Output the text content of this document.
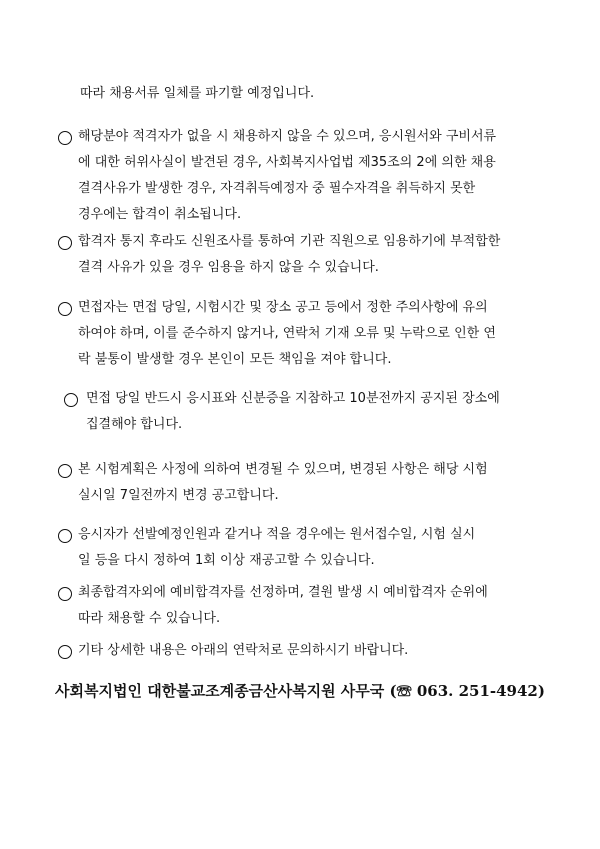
따라 채용서류 일체를 파기할 예정입니다.
해당분야 적격자가 없을 시 채용하지 않을 수 있으며, 응시원서와 구비서류
에 대한 허위사실이 발견된 경우, 사회복지사업법 제35조의 2에 의한 채용
결격사유가 발생한 경우, 자격취득예정자 중 필수자격을 취득하지 못한
경우에는 합격이 취소됩니다.
합격자 통지 후라도 신원조사를 통하여 기관 직원으로 임용하기에 부적합한
결격 사유가 있을 경우 임용을 하지 않을 수 있습니다.
면접자는 면접 당일, 시험시간 및 장소 공고 등에서 정한 주의사항에 유의
하여야 하며, 이를 준수하지 않거나, 연락처 기재 오류 및 누락으로 인한 연
락 불통이 발생할 경우 본인이 모든 책임을 져야 합니다.
면접 당일 반드시 응시표와 신분증을 지참하고 10분전까지 공지된 장소에
집결해야 합니다.
본 시험계획은 사정에 의하여 변경될 수 있으며, 변경된 사항은 해당 시험
실시일 7일전까지 변경 공고합니다.
응시자가 선발예정인원과 같거나 적을 경우에는 원서접수일, 시험 실시
일 등을 다시 정하여 1회 이상 재공고할 수 있습니다.
최종합격자외에 예비합격자를 선정하며, 결원 발생 시 예비합격자 순위에
따라 채용할 수 있습니다.
기타 상세한 내용은 아래의 연락처로 문의하시기 바랍니다.
사회복지법인 대한불교조계종금산사복지원 사무국 (☏ 063. 251-4942)
